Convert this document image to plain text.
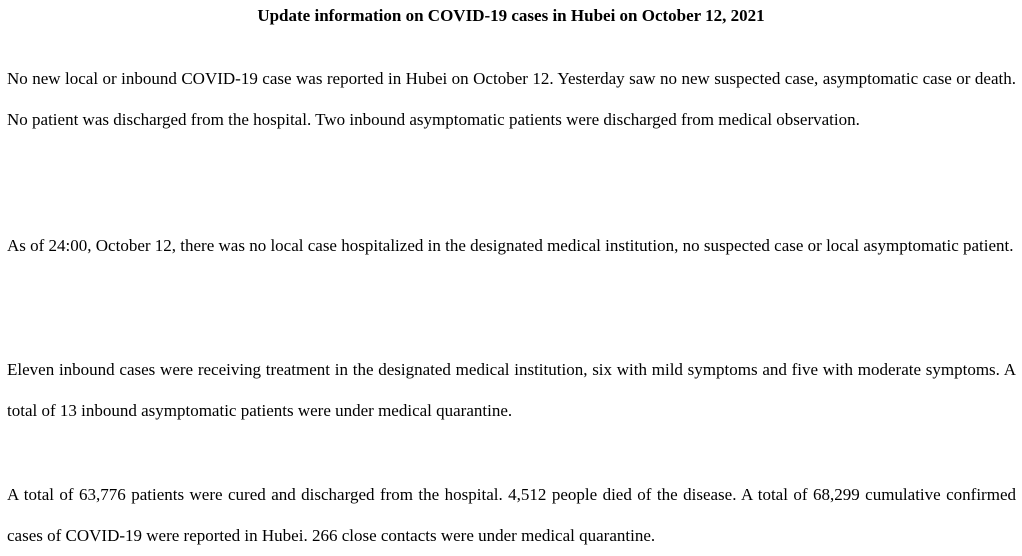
Update information on COVID-19 cases in Hubei on October 12, 2021

No new local or inbound COVID-19 case was reported in Hubei on October 12. Yesterday saw no new suspected case, asymptomatic case or death. No patient was discharged from the hospital. Two inbound asymptomatic patients were discharged from medical observation.

As of 24:00, October 12, there was no local case hospitalized in the designated medical institution, no suspected case or local asymptomatic patient.

Eleven inbound cases were receiving treatment in the designated medical institution, six with mild symptoms and five with moderate symptoms. A total of 13 inbound asymptomatic patients were under medical quarantine.

A total of 63,776 patients were cured and discharged from the hospital. 4,512 people died of the disease. A total of 68,299 cumulative confirmed cases of COVID-19 were reported in Hubei. 266 close contacts were under medical quarantine.
